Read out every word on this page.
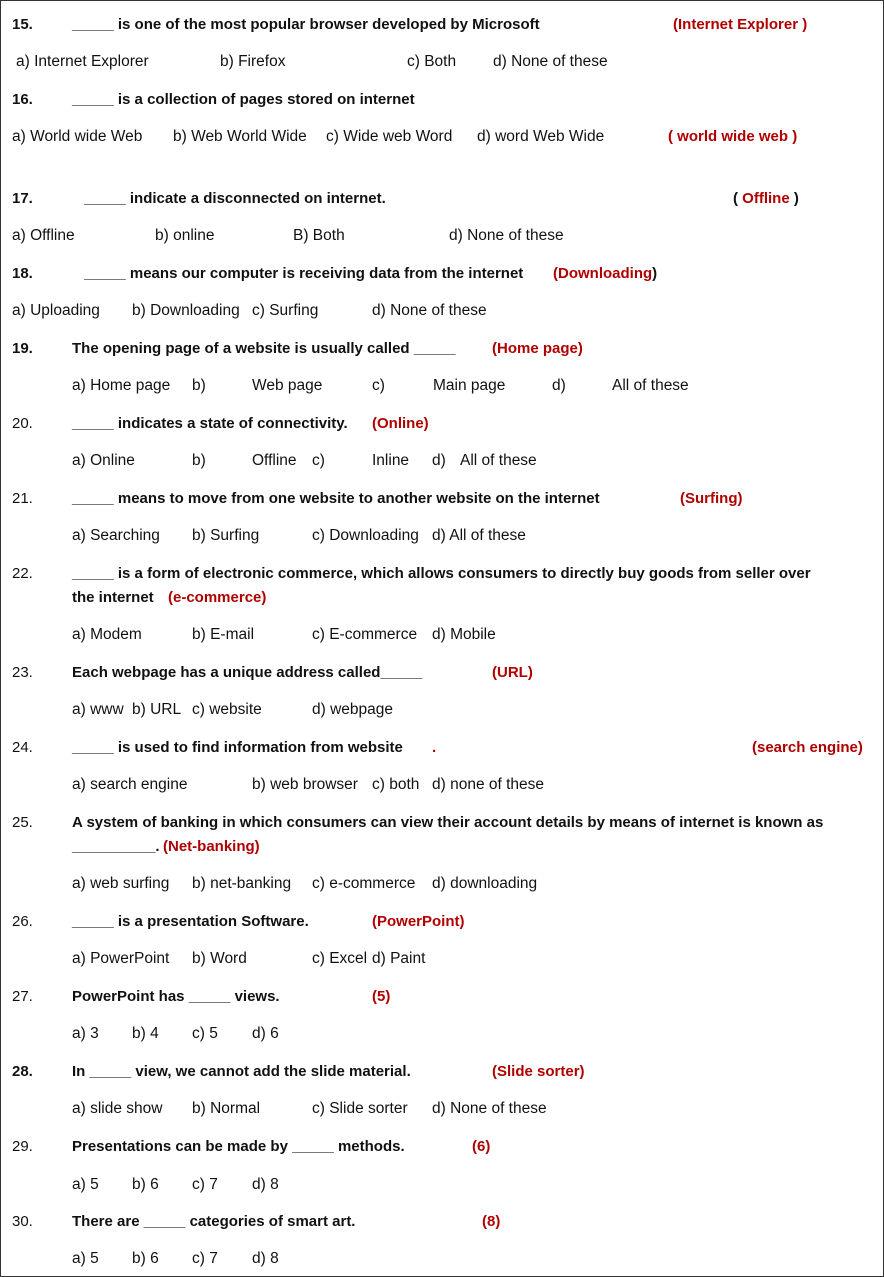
15.	_____ is one of the most popular browser developed by Microsoft	(Internet Explorer )
a) Internet Explorer	b) Firefox	c) Both d) None of these
16.	_____ is a collection of pages stored on internet
( world wide web )
a) World wide Web b) Web World Wide c) Wide web Word d) word Web Wide
17.	_____ indicate a disconnected on internet.	( Offline )
a) Offline	b) online	B) Both	d) None of these
18.	_____ means our computer is receiving data from the internet (Downloading)
a) Uploading b) Downloading c) Surfing	d) None of these
19.	The opening page of a website is usually called _____ (Home page)
a) Home page b)	Web page	c)	Main page	d)	All of these
20.	_____ indicates a state of connectivity. (Online)
a) Online	b)	Offline c)	Inline d) All of these
21.	_____ means to move from one website to another website on the internet	(Surfing)
a) Searching b) Surfing	c) Downloading d) All of these
22.	_____ is a form of electronic commerce, which allows consumers to directly buy goods from seller over
the internet (e-commerce)
a) Modem	b) E-mail	c) E-commerce d) Mobile
23.	Each webpage has a unique address called_____	(URL)
a) www b) URL c) website	d) webpage
24.	_____ is used to find information from website .	(search engine)
a) search engine	b) web browser c) both d) none of these
25.	A system of banking in which consumers can view their account details by means of internet is known as
__________. (Net-banking)
a) web surfing b) net-banking c) e-commerce d) downloading
26.	_____ is a presentation Software.	(PowerPoint)
a) PowerPoint b) Word	c) Excel d) Paint
27.	PowerPoint has _____ views.	(5)
a) 3 b) 4 c) 5 d) 6
28.	In _____ view, we cannot add the slide material.	(Slide sorter)
a) slide show b) Normal	c) Slide sorter d) None of these
29.	Presentations can be made by _____ methods.	(6)
a) 5 b) 6 c) 7 d) 8
30.	There are _____ categories of smart art.	(8)
a) 5 b) 6 c) 7 d) 8
